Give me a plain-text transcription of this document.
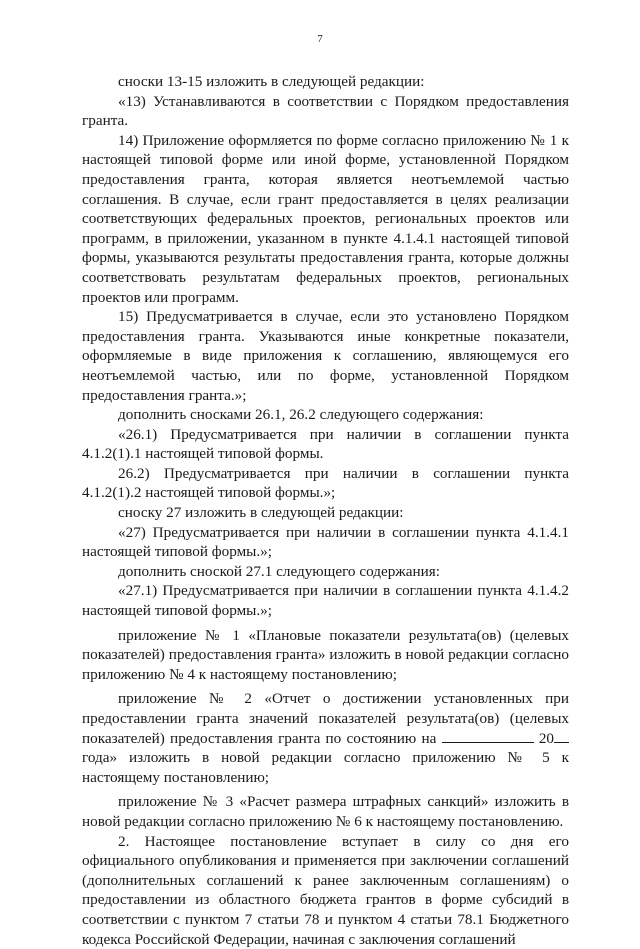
7

сноски 13-15 изложить в следующей редакции:

«13) Устанавливаются в соответствии с Порядком предоставления гранта.

14) Приложение оформляется по форме согласно приложению № 1 к настоящей типовой форме или иной форме, установленной Порядком предоставления гранта, которая является неотъемлемой частью соглашения. В случае, если грант предоставляется в целях реализации соответствующих федеральных проектов, региональных проектов или программ, в приложении, указанном в пункте 4.1.4.1 настоящей типовой формы, указываются результаты предоставления гранта, которые должны соответствовать результатам федеральных проектов, региональных проектов или программ.

15) Предусматривается в случае, если это установлено Порядком предоставления гранта. Указываются иные конкретные показатели, оформляемые в виде приложения к соглашению, являющемуся его неотъемлемой частью, или по форме, установленной Порядком предоставления гранта.»;

дополнить сносками 26.1, 26.2 следующего содержания:

«26.1) Предусматривается при наличии в соглашении пункта 4.1.2(1).1 настоящей типовой формы.

26.2) Предусматривается при наличии в соглашении пункта 4.1.2(1).2 настоящей типовой формы.»;

сноску 27 изложить в следующей редакции:

«27) Предусматривается при наличии в соглашении пункта 4.1.4.1 настоящей типовой формы.»;

дополнить сноской 27.1 следующего содержания:

«27.1) Предусматривается при наличии в соглашении пункта 4.1.4.2 настоящей типовой формы.»;

приложение № 1 «Плановые показатели результата(ов) (целевых показателей) предоставления гранта» изложить в новой редакции согласно приложению № 4 к настоящему постановлению;

приложение № 2 «Отчет о достижении установленных при предоставлении гранта значений показателей результата(ов) (целевых показателей) предоставления гранта по состоянию на	20 года» изложить в новой редакции согласно приложению № 5 к настоящему постановлению;

приложение № 3 «Расчет размера штрафных санкций» изложить в новой редакции согласно приложению № 6 к настоящему постановлению.

2. Настоящее постановление вступает в силу со дня его официального опубликования и применяется при заключении соглашений (дополнительных соглашений к ранее заключенным соглашениям) о предоставлении из областного бюджета грантов в форме субсидий в соответствии с пунктом 7 статьи 78 и пунктом 4 статьи 78.1 Бюджетного кодекса Российской Федерации, начиная с заключения соглашений
